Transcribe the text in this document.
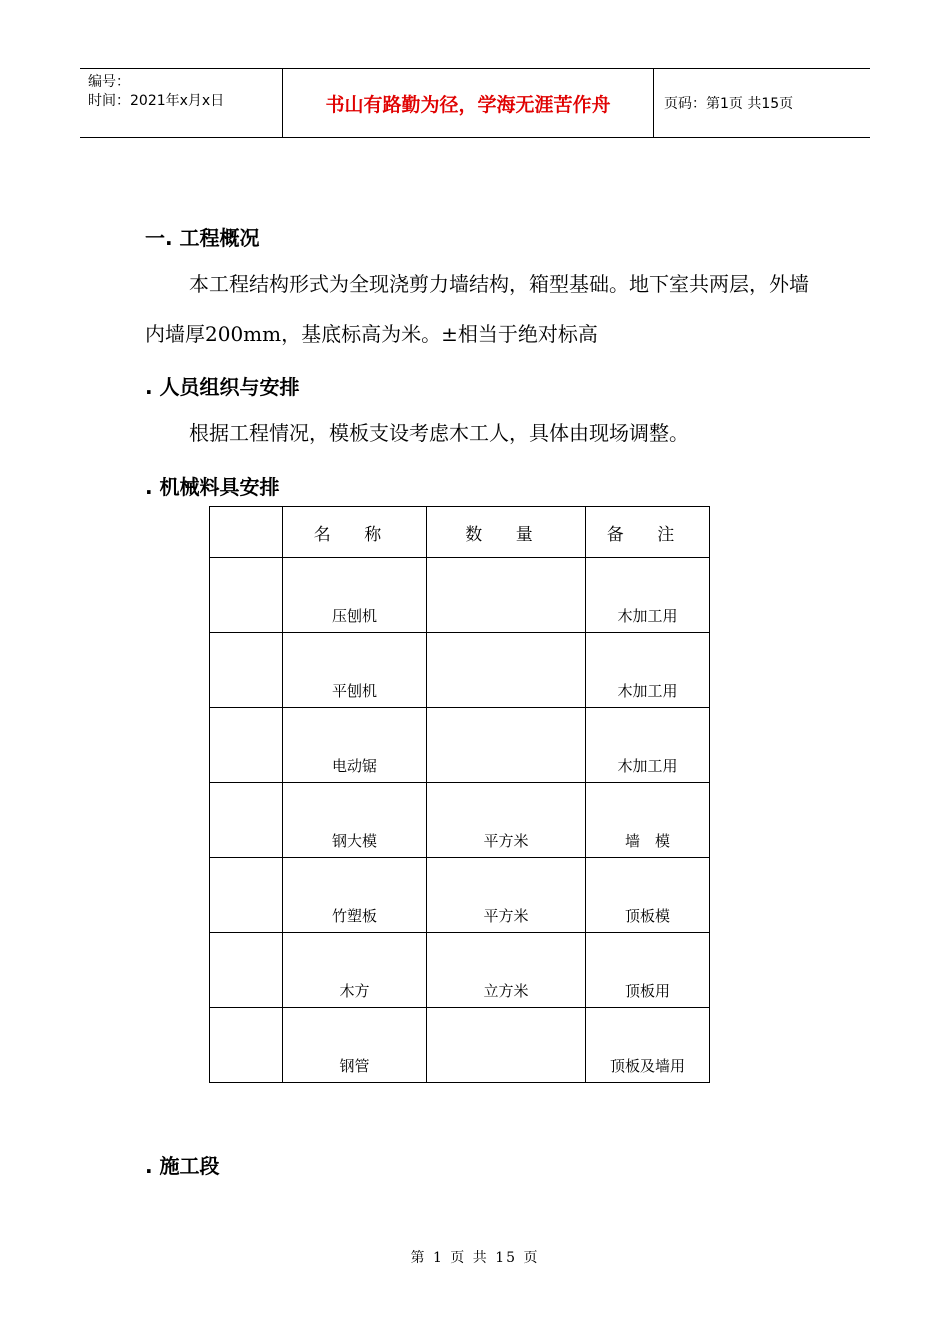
编号：
时间：2021年x月x日	书山有路勤为径，学海无涯苦作舟	页码：第1页 共15页
一. 工程概况
本工程结构形式为全现浇剪力墙结构，箱型基础。地下室共两层，外墙内墙厚200mm，基底标高为米。±相当于绝对标高
. 人员组织与安排
根据工程情况，模板支设考虑木工人，具体由现场调整。
. 机械料具安排
	名 称	数 量	备 注
	压刨机		木加工用
	平刨机		木加工用
	电动锯		木加工用
	钢大模	平方米	墙　模
	竹塑板	平方米	顶板模
	木方	立方米	顶板用
	钢管		顶板及墙用
. 施工段
第 1 页 共 15 页
